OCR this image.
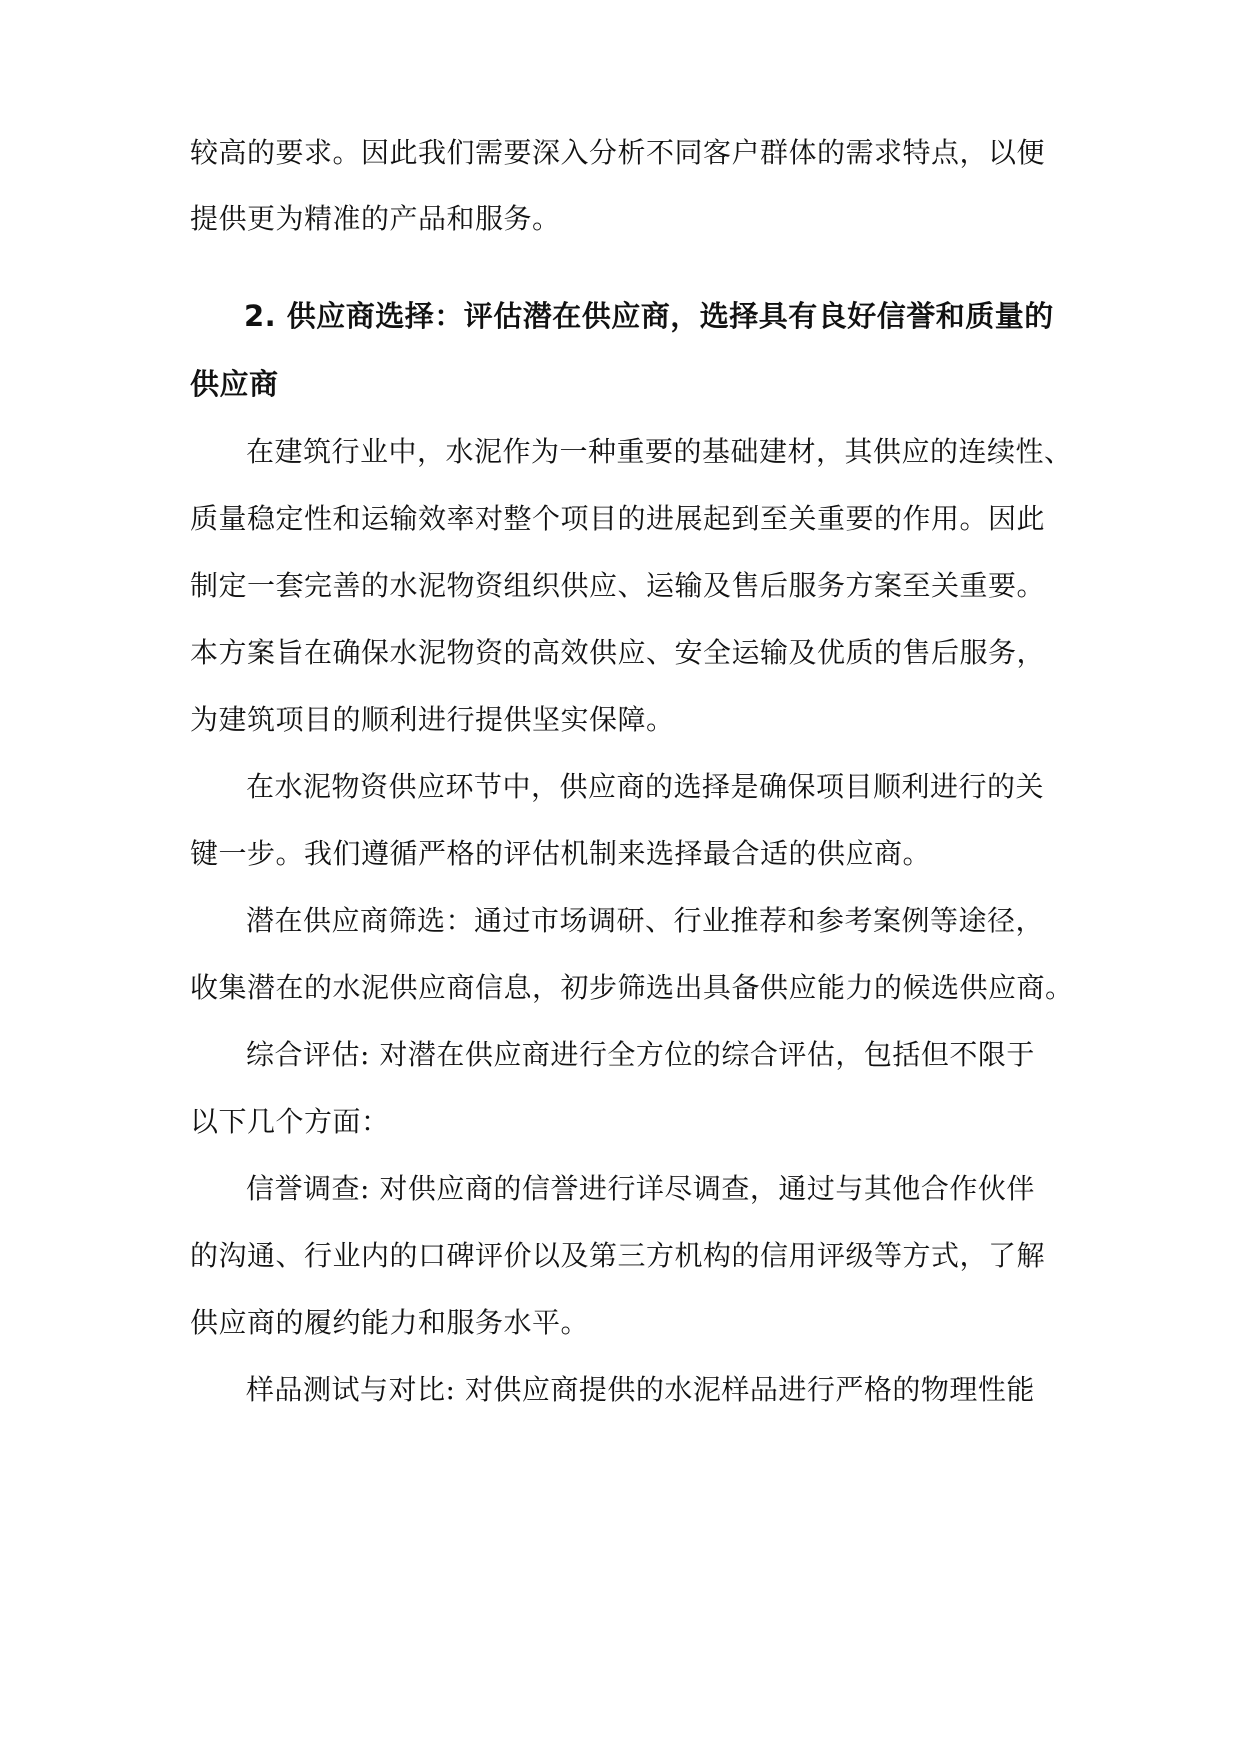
较高的要求。因此我们需要深入分析不同客户群体的需求特点，以便
提供更为精准的产品和服务。
2. 供应商选择：评估潜在供应商，选择具有良好信誉和质量的
供应商
在建筑行业中，水泥作为一种重要的基础建材，其供应的连续性、
质量稳定性和运输效率对整个项目的进展起到至关重要的作用。因此
制定一套完善的水泥物资组织供应、运输及售后服务方案至关重要。
本方案旨在确保水泥物资的高效供应、安全运输及优质的售后服务，
为建筑项目的顺利进行提供坚实保障。
在水泥物资供应环节中，供应商的选择是确保项目顺利进行的关
键一步。我们遵循严格的评估机制来选择最合适的供应商。
潜在供应商筛选：通过市场调研、行业推荐和参考案例等途径，
收集潜在的水泥供应商信息，初步筛选出具备供应能力的候选供应商。
综合评估: 对潜在供应商进行全方位的综合评估，包括但不限于
以下几个方面：
信誉调查: 对供应商的信誉进行详尽调查，通过与其他合作伙伴
的沟通、行业内的口碑评价以及第三方机构的信用评级等方式，了解
供应商的履约能力和服务水平。
样品测试与对比: 对供应商提供的水泥样品进行严格的物理性能
